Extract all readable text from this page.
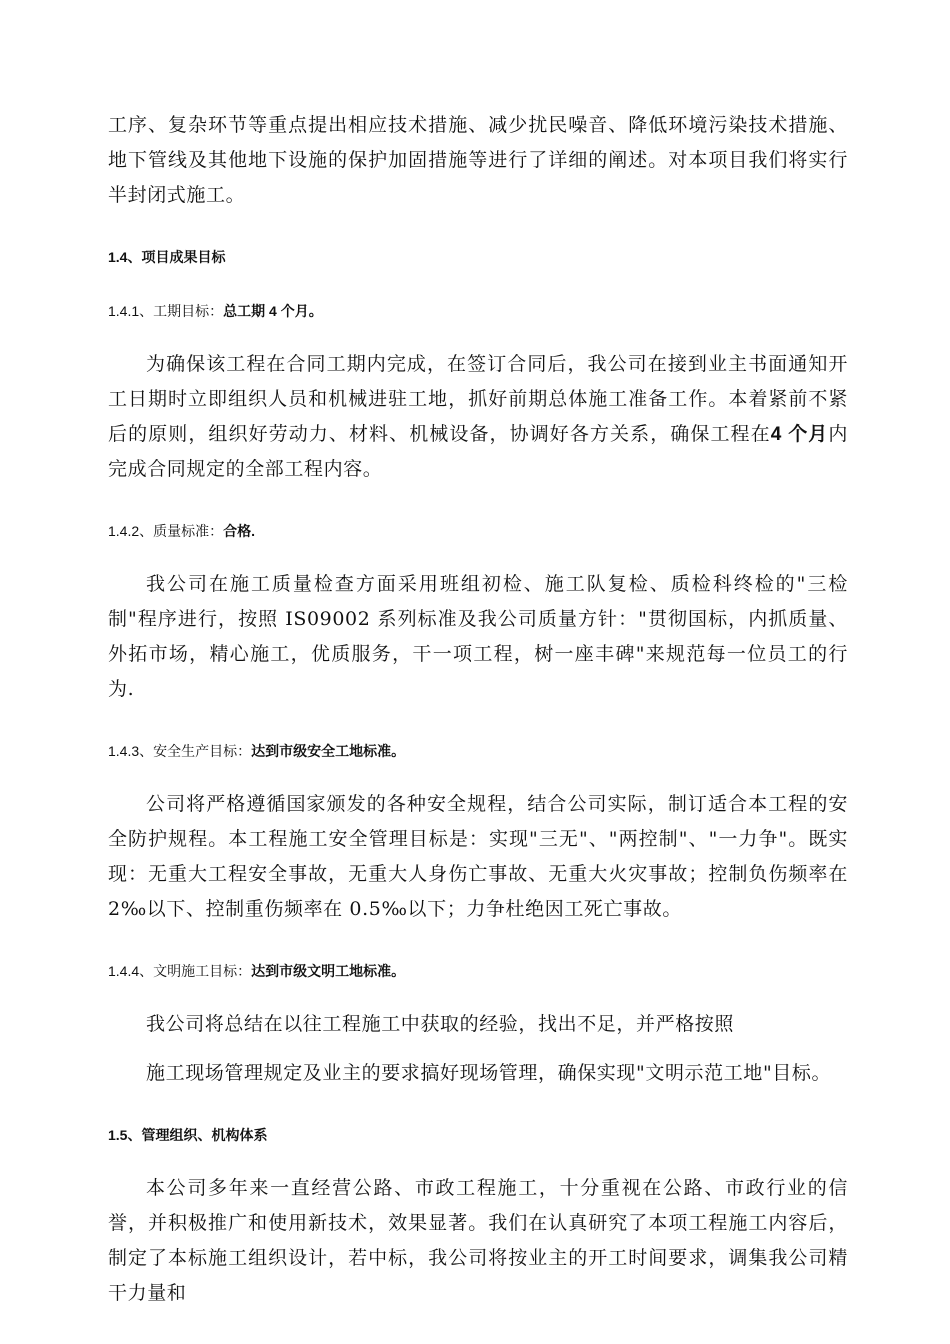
工序、复杂环节等重点提出相应技术措施、减少扰民噪音、降低环境污染技术措施、地下管线及其他地下设施的保护加固措施等进行了详细的阐述。对本项目我们将实行半封闭式施工。

1.4、项目成果目标

1.4.1、工期目标：总工期 4 个月。

为确保该工程在合同工期内完成，在签订合同后，我公司在接到业主书面通知开工日期时立即组织人员和机械进驻工地，抓好前期总体施工准备工作。本着紧前不紧后的原则，组织好劳动力、材料、机械设备，协调好各方关系，确保工程在4 个月内完成合同规定的全部工程内容。

1.4.2、质量标准：合格.

我公司在施工质量检查方面采用班组初检、施工队复检、质检科终检的"三检制"程序进行，按照 IS09002 系列标准及我公司质量方针："贯彻国标，内抓质量、外拓市场，精心施工，优质服务，干一项工程，树一座丰碑"来规范每一位员工的行为.

1.4.3、安全生产目标：达到市级安全工地标准。

公司将严格遵循国家颁发的各种安全规程，结合公司实际，制订适合本工程的安全防护规程。本工程施工安全管理目标是：实现"三无"、"两控制"、"一力争"。既实现：无重大工程安全事故，无重大人身伤亡事故、无重大火灾事故；控制负伤频率在 2‰以下、控制重伤频率在 0.5‰以下；力争杜绝因工死亡事故。

1.4.4、文明施工目标：达到市级文明工地标准。

我公司将总结在以往工程施工中获取的经验，找出不足，并严格按照

施工现场管理规定及业主的要求搞好现场管理，确保实现"文明示范工地"目标。

1.5、管理组织、机构体系

本公司多年来一直经营公路、市政工程施工，十分重视在公路、市政行业的信誉，并积极推广和使用新技术，效果显著。我们在认真研究了本项工程施工内容后，制定了本标施工组织设计，若中标，我公司将按业主的开工时间要求，调集我公司精干力量和
